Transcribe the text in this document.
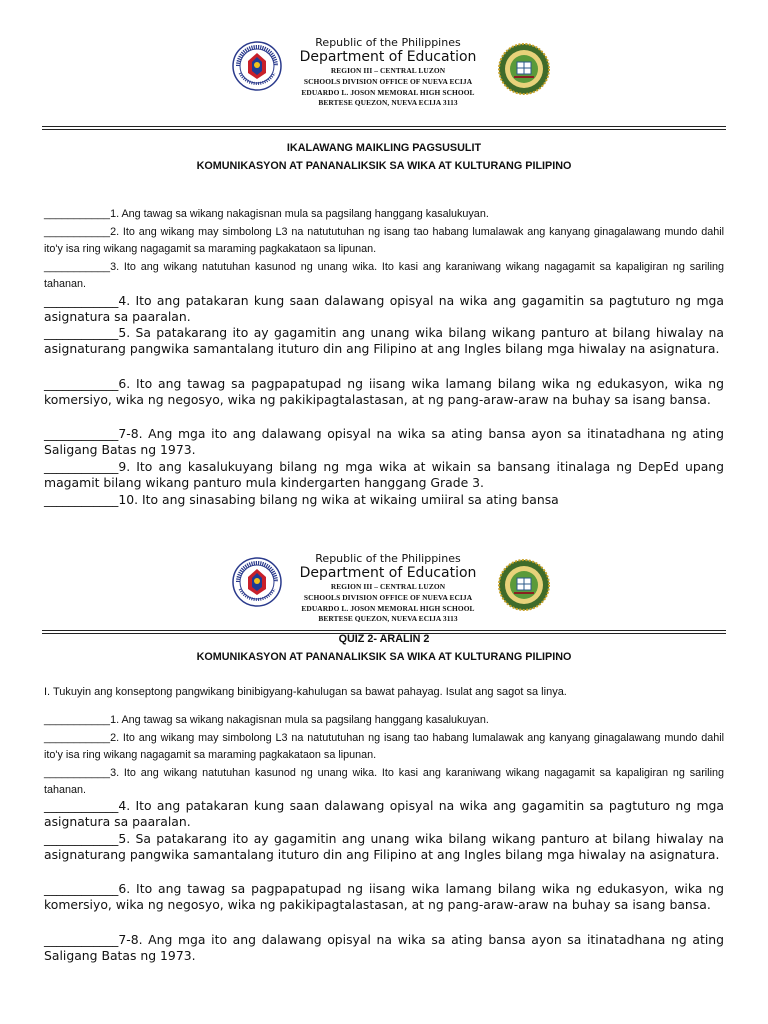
Republic of the Philippines
Department of Education
REGION III – CENTRAL LUZON
SCHOOLS DIVISION OFFICE OF NUEVA ECIJA
EDUARDO L. JOSON MEMORAL HIGH SCHOOL
BERTESE QUEZON, NUEVA ECIJA 3113
IKALAWANG MAIKLING PAGSUSULIT
KOMUNIKASYON AT PANANALIKSIK SA WIKA AT KULTURANG PILIPINO
___________1. Ang tawag sa wikang nakagisnan mula sa pagsilang hanggang kasalukuyan.
___________2. Ito ang wikang may simbolong L3 na natututuhan ng isang tao habang lumalawak ang kanyang ginagalawang mundo dahil ito'y isa ring wikang nagagamit sa maraming pagkakataon sa lipunan.
___________3. Ito ang wikang natutuhan kasunod ng unang wika. Ito kasi ang karaniwang wikang nagagamit sa kapaligiran ng sariling tahanan.
____________4. Ito ang patakaran kung saan dalawang opisyal na wika ang gagamitin sa pagtuturo ng mga asignatura sa paaralan.
____________5. Sa patakarang ito ay gagamitin ang unang wika bilang wikang panturo at bilang hiwalay na asignaturang pangwika samantalang ituturo din ang Filipino at ang Ingles bilang mga hiwalay na asignatura.
____________6. Ito ang tawag sa pagpapatupad ng iisang wika lamang bilang wika ng edukasyon, wika ng komersiyo, wika ng negosyo, wika ng pakikipagtalastasan, at ng pang-araw-araw na buhay sa isang bansa.
____________7-8. Ang mga ito ang dalawang opisyal na wika sa ating bansa ayon sa itinatadhana ng ating Saligang Batas ng 1973.
____________9. Ito ang kasalukuyang bilang ng mga wika at wikain sa bansang itinalaga ng DepEd upang magamit bilang wikang panturo mula kindergarten hanggang Grade 3.
____________10. Ito ang sinasabing bilang ng wika at wikaing umiiral sa ating bansa
Republic of the Philippines
Department of Education
REGION III – CENTRAL LUZON
SCHOOLS DIVISION OFFICE OF NUEVA ECIJA
EDUARDO L. JOSON MEMORAL HIGH SCHOOL
BERTESE QUEZON, NUEVA ECIJA 3113
QUIZ 2- ARALIN 2
KOMUNIKASYON AT PANANALIKSIK SA WIKA AT KULTURANG PILIPINO
I. Tukuyin ang konseptong pangwikang binibigyang-kahulugan sa bawat pahayag. Isulat ang sagot sa linya.
___________1. Ang tawag sa wikang nakagisnan mula sa pagsilang hanggang kasalukuyan.
___________2. Ito ang wikang may simbolong L3 na natututuhan ng isang tao habang lumalawak ang kanyang ginagalawang mundo dahil ito'y isa ring wikang nagagamit sa maraming pagkakataon sa lipunan.
___________3. Ito ang wikang natutuhan kasunod ng unang wika. Ito kasi ang karaniwang wikang nagagamit sa kapaligiran ng sariling tahanan.
____________4. Ito ang patakaran kung saan dalawang opisyal na wika ang gagamitin sa pagtuturo ng mga asignatura sa paaralan.
____________5. Sa patakarang ito ay gagamitin ang unang wika bilang wikang panturo at bilang hiwalay na asignaturang pangwika samantalang ituturo din ang Filipino at ang Ingles bilang mga hiwalay na asignatura.
____________6. Ito ang tawag sa pagpapatupad ng iisang wika lamang bilang wika ng edukasyon, wika ng komersiyo, wika ng negosyo, wika ng pakikipagtalastasan, at ng pang-araw-araw na buhay sa isang bansa.
____________7-8. Ang mga ito ang dalawang opisyal na wika sa ating bansa ayon sa itinatadhana ng ating Saligang Batas ng 1973.
